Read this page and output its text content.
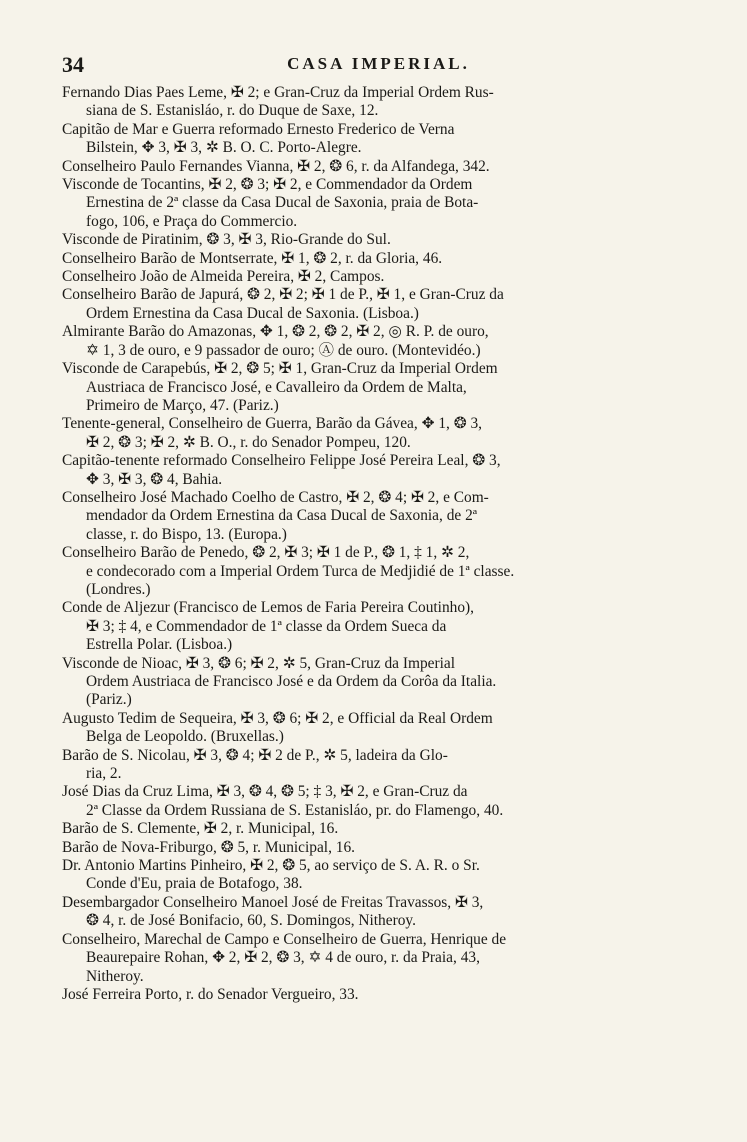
34	CASA IMPERIAL.

Fernando Dias Paes Leme, ✠ 2; e Gran-Cruz da Imperial Ordem Rus-
siana de S. Estanisláo, r. do Duque de Saxe, 12.

Capitão de Mar e Guerra reformado Ernesto Frederico de Verna
Bilstein, ✥ 3, ✠ 3, ✲ B. O. C. Porto-Alegre.

Conselheiro Paulo Fernandes Vianna, ✠ 2, ❂ 6, r. da Alfandega, 342.

Visconde de Tocantins, ✠ 2, ❂ 3; ✠ 2, e Commendador da Ordem
Ernestina de 2ª classe da Casa Ducal de Saxonia, praia de Bota-
fogo, 106, e Praça do Commercio.

Visconde de Piratinim, ❂ 3, ✠ 3, Rio-Grande do Sul.

Conselheiro Barão de Montserrate, ✠ 1, ❂ 2, r. da Gloria, 46.

Conselheiro João de Almeida Pereira, ✠ 2, Campos.

Conselheiro Barão de Japurá, ❂ 2, ✠ 2; ✠ 1 de P., ✠ 1, e Gran-Cruz da
Ordem Ernestina da Casa Ducal de Saxonia. (Lisboa.)

Almirante Barão do Amazonas, ✥ 1, ❂ 2, ❂ 2, ✠ 2, ◎ R. P. de ouro,
✡ 1, 3 de ouro, e 9 passador de ouro; Ⓐ de ouro. (Montevidéo.)

Visconde de Carapebús, ✠ 2, ❂ 5; ✠ 1, Gran-Cruz da Imperial Ordem
Austriaca de Francisco José, e Cavalleiro da Ordem de Malta,
Primeiro de Março, 47. (Pariz.)

Tenente-general, Conselheiro de Guerra, Barão da Gávea, ✥ 1, ❂ 3,
✠ 2, ❂ 3; ✠ 2, ✲ B. O., r. do Senador Pompeu, 120.

Capitão-tenente reformado Conselheiro Felippe José Pereira Leal, ❂ 3,
✥ 3, ✠ 3, ❂ 4, Bahia.

Conselheiro José Machado Coelho de Castro, ✠ 2, ❂ 4; ✠ 2, e Com-
mendador da Ordem Ernestina da Casa Ducal de Saxonia, de 2ª
classe, r. do Bispo, 13. (Europa.)

Conselheiro Barão de Penedo, ❂ 2, ✠ 3; ✠ 1 de P., ❂ 1, ‡ 1, ✲ 2,
e condecorado com a Imperial Ordem Turca de Medjidié de 1ª classe.
(Londres.)

Conde de Aljezur (Francisco de Lemos de Faria Pereira Coutinho),
✠ 3; ‡ 4, e Commendador de 1ª classe da Ordem Sueca da
Estrella Polar. (Lisboa.)

Visconde de Nioac, ✠ 3, ❂ 6; ✠ 2, ✲ 5, Gran-Cruz da Imperial
Ordem Austriaca de Francisco José e da Ordem da Corôa da Italia.
(Pariz.)

Augusto Tedim de Sequeira, ✠ 3, ❂ 6; ✠ 2, e Official da Real Ordem
Belga de Leopoldo. (Bruxellas.)

Barão de S. Nicolau, ✠ 3, ❂ 4; ✠ 2 de P., ✲ 5, ladeira da Glo-
ria, 2.

José Dias da Cruz Lima, ✠ 3, ❂ 4, ❂ 5; ‡ 3, ✠ 2, e Gran-Cruz da
2ª Classe da Ordem Russiana de S. Estanisláo, pr. do Flamengo, 40.

Barão de S. Clemente, ✠ 2, r. Municipal, 16.

Barão de Nova-Friburgo, ❂ 5, r. Municipal, 16.

Dr. Antonio Martins Pinheiro, ✠ 2, ❂ 5, ao serviço de S. A. R. o Sr.
Conde d'Eu, praia de Botafogo, 38.

Desembargador Conselheiro Manoel José de Freitas Travassos, ✠ 3,
❂ 4, r. de José Bonifacio, 60, S. Domingos, Nitheroy.

Conselheiro, Marechal de Campo e Conselheiro de Guerra, Henrique de
Beaurepaire Rohan, ✥ 2, ✠ 2, ❂ 3, ✡ 4 de ouro, r. da Praia, 43,
Nitheroy.

José Ferreira Porto, r. do Senador Vergueiro, 33.
